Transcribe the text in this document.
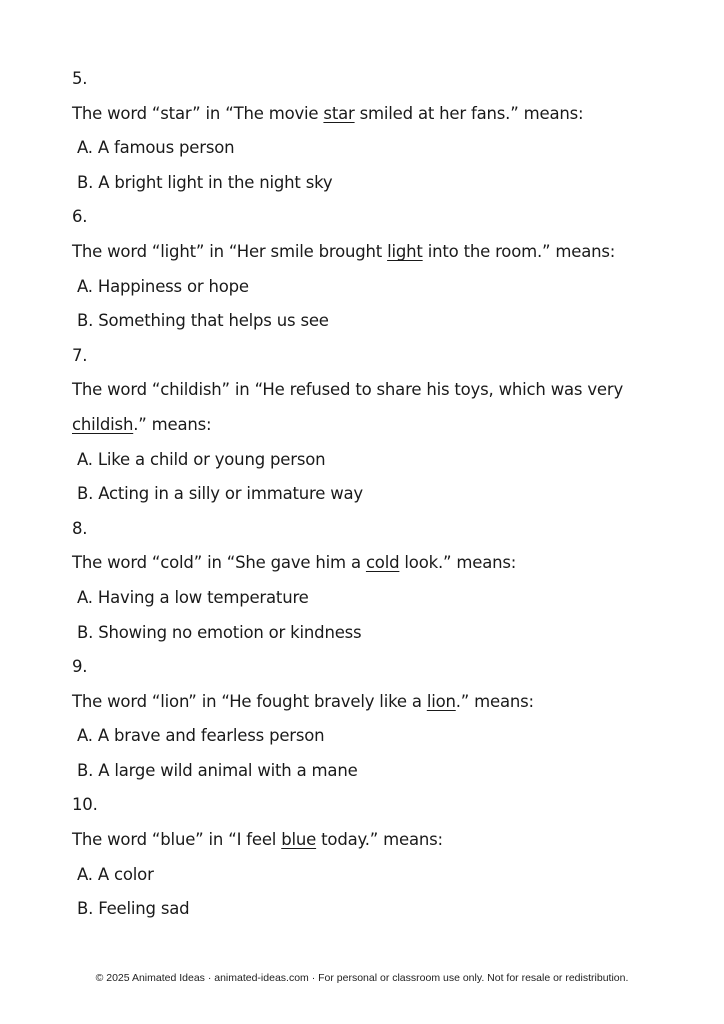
5.
The word “star” in “The movie star smiled at her fans.” means:
A. A famous person
B. A bright light in the night sky
6.
The word “light” in “Her smile brought light into the room.” means:
A. Happiness or hope
B. Something that helps us see
7.
The word “childish” in “He refused to share his toys, which was very childish.” means:
A. Like a child or young person
B. Acting in a silly or immature way
8.
The word “cold” in “She gave him a cold look.” means:
A. Having a low temperature
B. Showing no emotion or kindness
9.
The word “lion” in “He fought bravely like a lion.” means:
A. A brave and fearless person
B. A large wild animal with a mane
10.
The word “blue” in “I feel blue today.” means:
A. A color
B. Feeling sad
© 2025 Animated Ideas · animated-ideas.com · For personal or classroom use only. Not for resale or redistribution.
